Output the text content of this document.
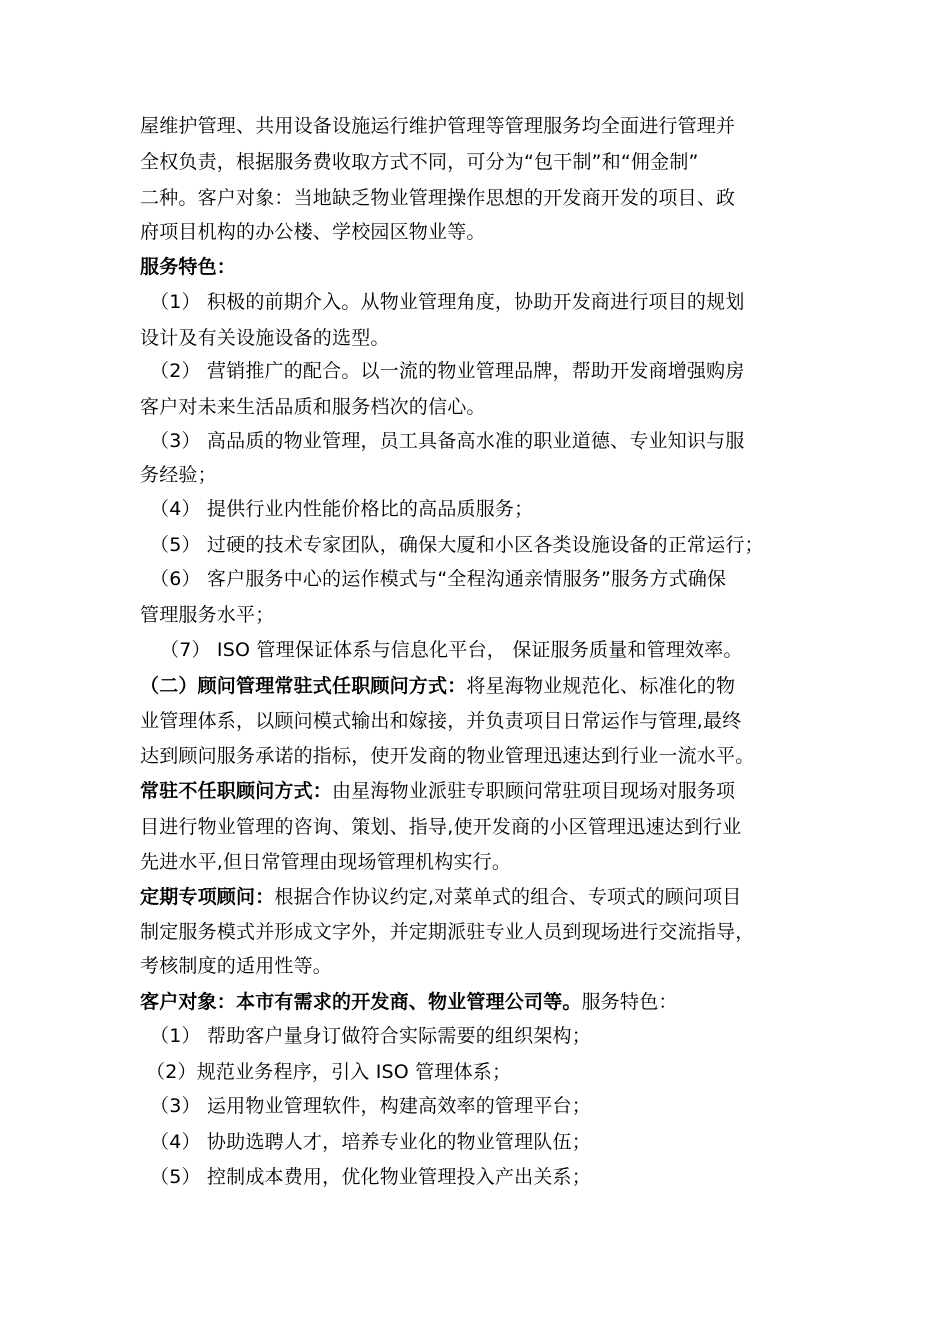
屋维护管理、共用设备设施运行维护管理等管理服务均全面进行管理并
全权负责，根据服务费收取方式不同，可分为“包干制”和“佣金制”
二种。客户对象：当地缺乏物业管理操作思想的开发商开发的项目、政
府项目机构的办公楼、学校园区物业等。
服务特色：
（1） 积极的前期介入。从物业管理角度，协助开发商进行项目的规划
设计及有关设施设备的选型。
（2） 营销推广的配合。以一流的物业管理品牌，帮助开发商增强购房
客户对未来生活品质和服务档次的信心。
（3） 高品质的物业管理，员工具备高水准的职业道德、专业知识与服
务经验；
（4） 提供行业内性能价格比的高品质服务；
（5） 过硬的技术专家团队，确保大厦和小区各类设施设备的正常运行；
（6） 客户服务中心的运作模式与“全程沟通亲情服务”服务方式确保
管理服务水平；
（7） ISO 管理保证体系与信息化平台， 保证服务质量和管理效率。
（二）顾问管理常驻式任职顾问方式：将星海物业规范化、标准化的物
业管理体系，以顾问模式输出和嫁接，并负责项目日常运作与管理,最终
达到顾问服务承诺的指标，使开发商的物业管理迅速达到行业一流水平。
常驻不任职顾问方式：由星海物业派驻专职顾问常驻项目现场对服务项
目进行物业管理的咨询、策划、指导,使开发商的小区管理迅速达到行业
先进水平,但日常管理由现场管理机构实行。
定期专项顾问：根据合作协议约定,对菜单式的组合、专项式的顾问项目
制定服务模式并形成文字外，并定期派驻专业人员到现场进行交流指导，
考核制度的适用性等。
客户对象：本市有需求的开发商、物业管理公司等。服务特色：
（1） 帮助客户量身订做符合实际需要的组织架构；
（2）规范业务程序，引入 ISO 管理体系；
（3） 运用物业管理软件，构建高效率的管理平台；
（4） 协助选聘人才，培养专业化的物业管理队伍；
（5） 控制成本费用，优化物业管理投入产出关系；
